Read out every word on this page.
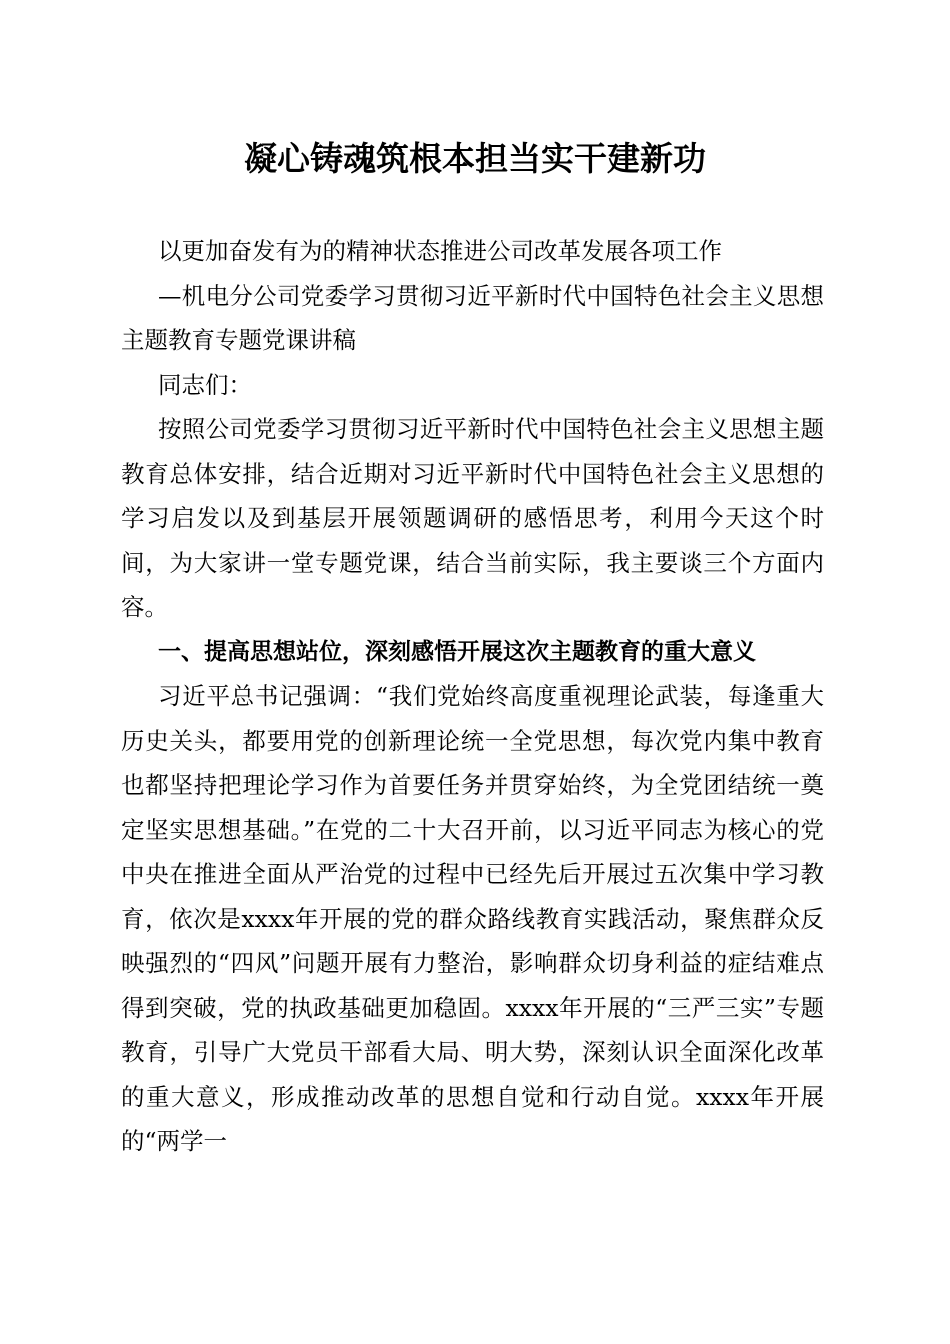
凝心铸魂筑根本担当实干建新功

以更加奋发有为的精神状态推进公司改革发展各项工作

—机电分公司党委学习贯彻习近平新时代中国特色社会主义思想主题教育专题党课讲稿

同志们：

按照公司党委学习贯彻习近平新时代中国特色社会主义思想主题教育总体安排，结合近期对习近平新时代中国特色社会主义思想的学习启发以及到基层开展领题调研的感悟思考，利用今天这个时间，为大家讲一堂专题党课，结合当前实际，我主要谈三个方面内容。

一、提高思想站位，深刻感悟开展这次主题教育的重大意义

习近平总书记强调：“我们党始终高度重视理论武装，每逢重大历史关头，都要用党的创新理论统一全党思想，每次党内集中教育也都坚持把理论学习作为首要任务并贯穿始终，为全党团结统一奠定坚实思想基础。”在党的二十大召开前，以习近平同志为核心的党中央在推进全面从严治党的过程中已经先后开展过五次集中学习教育，依次是xxxx年开展的党的群众路线教育实践活动，聚焦群众反映强烈的“四风”问题开展有力整治，影响群众切身利益的症结难点得到突破，党的执政基础更加稳固。xxxx年开展的“三严三实”专题教育，引导广大党员干部看大局、明大势，深刻认识全面深化改革的重大意义，形成推动改革的思想自觉和行动自觉。xxxx年开展的“两学一
